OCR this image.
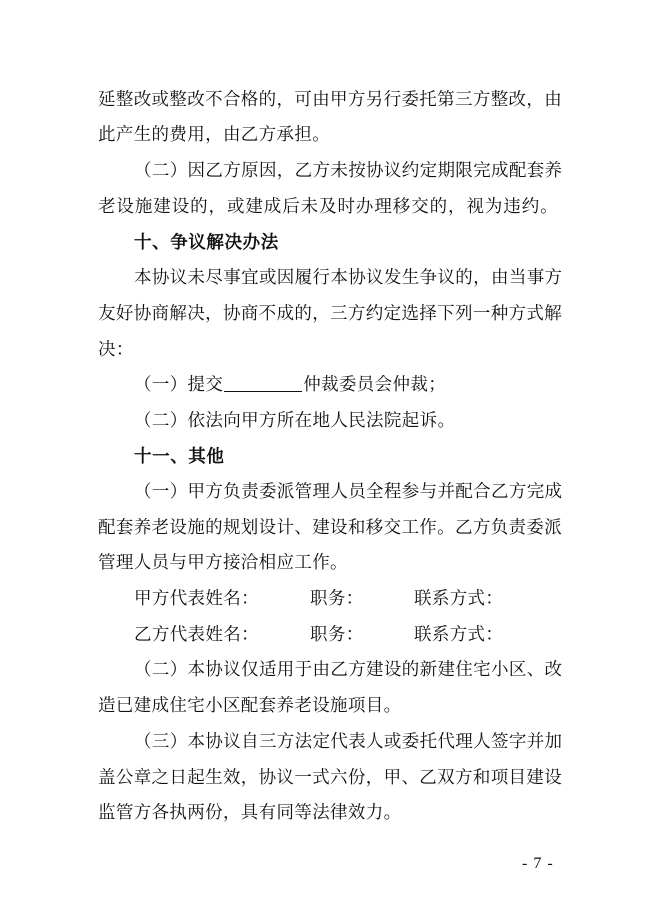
延整改或整改不合格的，可由甲方另行委托第三方整改，由
此产生的费用，由乙方承担。
（二）因乙方原因，乙方未按协议约定期限完成配套养
老设施建设的，或建成后未及时办理移交的，视为违约。
十、争议解决办法
本协议未尽事宜或因履行本协议发生争议的，由当事方
友好协商解决，协商不成的，三方约定选择下列一种方式解
决：
（一）提交	仲裁委员会仲裁；
（二）依法向甲方所在地人民法院起诉。
十一、其他
（一）甲方负责委派管理人员全程参与并配合乙方完成
配套养老设施的规划设计、建设和移交工作。乙方负责委派
管理人员与甲方接洽相应工作。
甲方代表姓名：	职务：	联系方式：
乙方代表姓名：	职务：	联系方式：
（二）本协议仅适用于由乙方建设的新建住宅小区、改
造已建成住宅小区配套养老设施项目。
（三）本协议自三方法定代表人或委托代理人签字并加
盖公章之日起生效，协议一式六份，甲、乙双方和项目建设
监管方各执两份，具有同等法律效力。
- 7 -
